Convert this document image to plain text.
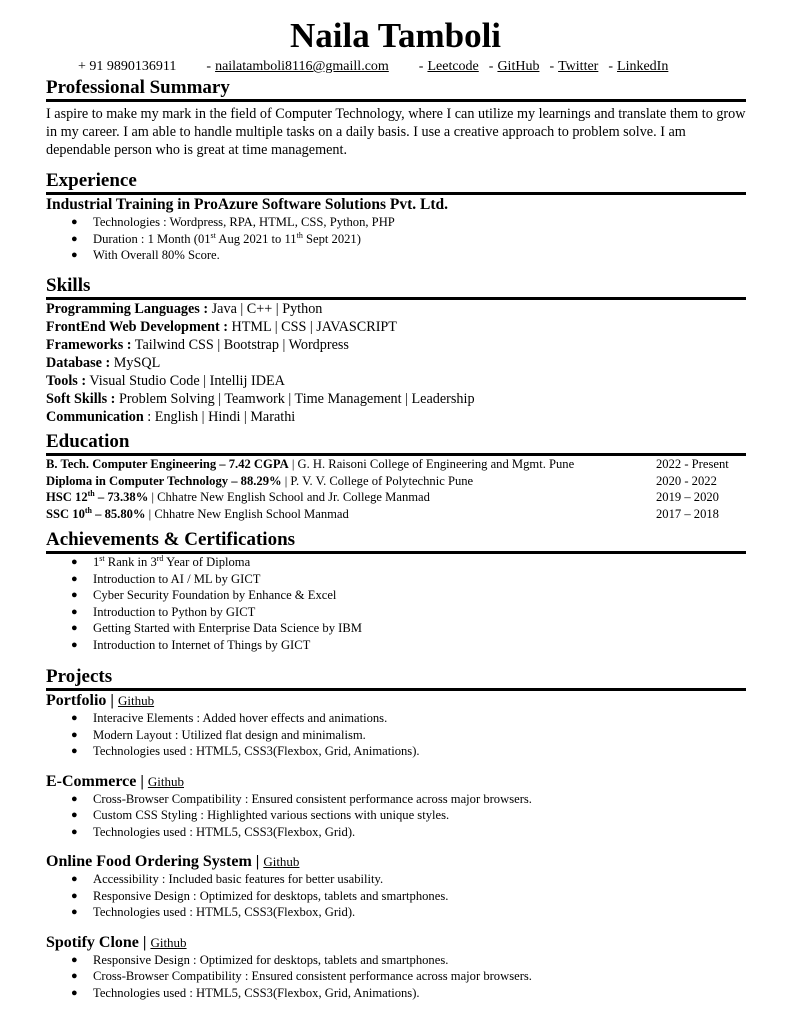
Naila Tamboli
+ 91 9890136911 - nailatamboli8116@gmaill.com - Leetcode - GitHub - Twitter - LinkedIn
Professional Summary
I aspire to make my mark in the field of Computer Technology, where I can utilize my learnings and translate them to grow in my career. I am able to handle multiple tasks on a daily basis. I use a creative approach to problem solve. I am dependable person who is great at time management.
Experience
Industrial Training in ProAzure Software Solutions Pvt. Ltd.
● Technologies : Wordpress, RPA, HTML, CSS, Python, PHP
● Duration : 1 Month (01st Aug 2021 to 11th Sept 2021)
● With Overall 80% Score.
Skills
Programming Languages : Java | C++ | Python
FrontEnd Web Development : HTML | CSS | JAVASCRIPT
Frameworks : Tailwind CSS | Bootstrap | Wordpress
Database : MySQL
Tools : Visual Studio Code | Intellij IDEA
Soft Skills : Problem Solving | Teamwork | Time Management | Leadership
Communication : English | Hindi | Marathi
Education
B. Tech. Computer Engineering – 7.42 CGPA | G. H. Raisoni College of Engineering and Mgmt. Pune	2022 - Present
Diploma in Computer Technology – 88.29% | P. V. V. College of Polytechnic Pune	2020 - 2022
HSC 12th – 73.38% | Chhatre New English School and Jr. College Manmad	2019 – 2020
SSC 10th – 85.80% | Chhatre New English School Manmad	2017 – 2018
Achievements & Certifications
● 1st Rank in 3rd Year of Diploma
● Introduction to AI / ML by GICT
● Cyber Security Foundation by Enhance & Excel
● Introduction to Python by GICT
● Getting Started with Enterprise Data Science by IBM
● Introduction to Internet of Things by GICT
Projects
Portfolio | Github
● Interacive Elements : Added hover effects and animations.
● Modern Layout : Utilized flat design and minimalism.
● Technologies used : HTML5, CSS3(Flexbox, Grid, Animations).
E-Commerce | Github
● Cross-Browser Compatibility : Ensured consistent performance across major browsers.
● Custom CSS Styling : Highlighted various sections with unique styles.
● Technologies used : HTML5, CSS3(Flexbox, Grid).
Online Food Ordering System | Github
● Accessibility : Included basic features for better usability.
● Responsive Design : Optimized for desktops, tablets and smartphones.
● Technologies used : HTML5, CSS3(Flexbox, Grid).
Spotify Clone | Github
● Responsive Design : Optimized for desktops, tablets and smartphones.
● Cross-Browser Compatibility : Ensured consistent performance across major browsers.
● Technologies used : HTML5, CSS3(Flexbox, Grid, Animations).
